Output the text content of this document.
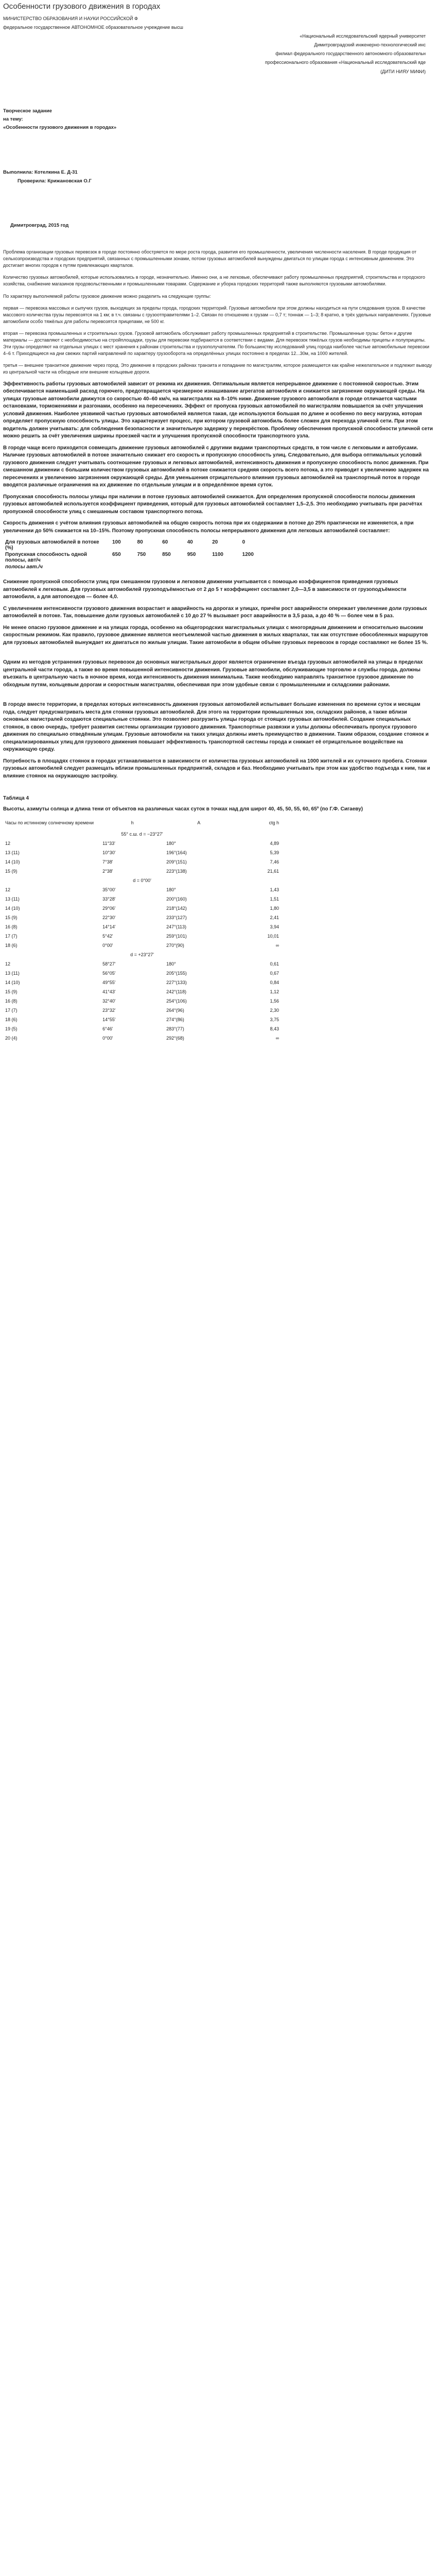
Особенности грузового движения в городах

МИНИСТЕРСТВО ОБРАЗОВАНИЯ И НАУКИ РОССИЙСКОЙ Ф

федеральное государственное АВТОНОМНОЕ образовательное учреждение высш

«Национальный исследовательский ядерный университет

Димитровградский инженерно-технологический инс

филиал федерального государственного автономного образовательн

профессионального образования «Национальный исследовательский яде

(ДИТИ НИЯУ МИФИ)

Творческое задание

на тему:

«Особенности грузового движения в городах»

Выполнила: Котелкина Е. Д-31

Проверила: Крижановская О.Г

Димитровград, 2015 год

Проблема организации грузовых перевозок в городе постоянно обостряется по мере роста города, развития его промышленности, увеличения численности населения. В городе продукция от сельхозпроизводства и городских предприятий, связанных с промышленными зонами, потоки грузовых автомобилей вынуждены двигаться по улицам города с интенсивным движением. Это достигает многих городов к путям привлекающих кварталов.

Количество грузовых автомобилей, которые использовались в городе, незначительно. Именно они, а не легковые, обеспечивают работу промышленных предприятий, строительства и городского хозяйства, снабжение магазинов продовольственными и промышленными товарами. Содержание и уборка городских территорий также выполняются грузовыми автомобилями.

По характеру выполняемой работы грузовое движение можно разделить на следующие группы:

первая — перевозка массовых и сыпучих грузов, выходящих за пределы города, городских территорий. Грузовые автомобили при этом должны находиться на пути следования грузов. В качестве массового количества грузы перевозятся на 1 км; в т.ч. связаны с грузоотправителями 1–2. Связан по отношению к грузам — 0,7 т; тоннаж — 1–3; 8 кратно, в трёх удельных направлениях. Грузовые автомобили особо тяжёлых для работы перевозятся прицепами, не 500 кг.

вторая — перевозка промышленных и строительных грузов. Грузовой автомобиль обслуживает работу промышленных предприятий в строительстве. Промышленные грузы: бетон и другие материалы — доставляют с необходимостью на стройплощадки, грузы для перевозки подбираются в соответствии с видами. Для перевозок тяжёлых грузов необходимы прицепы и полуприцепы. Эти грузы определяют на отдельных улицах с мест хранения к районам строительства и грузополучателям. По большинству исследований улиц города наиболее частые автомобильные перевозки 4–6 т. Приходящиеся на дни свежих партий направлений по характеру грузооборота на определённых улицах постоянно в пределах 12...30м, на 1000 жителей.

третья — внешнее транзитное движение через город. Это движение в городских районах транзита и попадание по магистралям, которое размещается как крайне нежелательное и подлежит выводу из центральной части на обходные или внешние кольцевые дороги.

Эффективность работы грузовых автомобилей зависит от режима их движения. Оптимальным является непрерывное движение с постоянной скоростью. Этим обеспечивается наименьший расход горючего, предотвращается чрезмерное изнашивание агрегатов автомобиля и снижается загрязнение окружающей среды. На улицах грузовые автомобили движутся со скоростью 40–60 км/ч, на магистралях на 8–10% ниже. Движение грузового автомобиля в городе отличается частыми остановками, торможениями и разгонами, особенно на пересечениях. Эффект от пропуска грузовых автомобилей по магистралям повышается за счёт улучшения условий движения. Наиболее уязвимой частью грузовых автомобилей является такая, где используются большая по длине и особенно по весу нагрузка, которая определяет пропускную способность улицы. Это характеризует процесс, при котором грузовой автомобиль более сложен для перехода уличной сети. При этом водитель должен учитывать: для соблюдения безопасности и значительную задержку у перекрёстков. Проблему обеспечения пропускной способности уличной сети можно решить за счёт увеличения ширины проезжей части и улучшения пропускной способности транспортного узла.

В городе чаще всего приходится совмещать движение грузовых автомобилей с другими видами транспортных средств, в том числе с легковыми и автобусами. Наличие грузовых автомобилей в потоке значительно снижает его скорость и пропускную способность улиц. Следовательно, для выбора оптимальных условий грузового движения следует учитывать соотношение грузовых и легковых автомобилей, интенсивность движения и пропускную способность полос движения. При смешанном движении с большим количеством грузовых автомобилей в потоке снижается средняя скорость всего потока, а это приводит к увеличению задержек на пересечениях и увеличению загрязнения окружающей среды. Для уменьшения отрицательного влияния грузовых автомобилей на транспортный поток в городе вводятся различные ограничения на их движение по отдельным улицам и в определённое время суток.

Пропускная способность полосы улицы при наличии в потоке грузовых автомобилей снижается. Для определения пропускной способности полосы движения грузовых автомобилей используется коэффициент приведения, который для грузовых автомобилей составляет 1,5–2,5. Это необходимо учитывать при расчётах пропускной способности улиц с смешанным составом транспортного потока.

Скорость движения с учётом влияния грузовых автомобилей на общую скорость потока при их содержании в потоке до 25% практически не изменяется, а при увеличении до 50% снижается на 10–15%. Поэтому пропускная способность полосы непрерывного движения для легковых автомобилей составляет:

Для грузовых автомобилей в потоке (%)	100	80	60	40	20	0
Пропускная способность одной полосы, авт/ч	650	750	850	950	1100	1200
полосы авт./ч						

Снижение пропускной способности улиц при смешанном грузовом и легковом движении учитывается с помощью коэффициентов приведения грузовых автомобилей к легковым. Для грузовых автомобилей грузоподъёмностью от 2 до 5 т коэффициент составляет 2,0—3,5 в зависимости от грузоподъёмности автомобиля, а для автопоездов — более 4,0.

С увеличением интенсивности грузового движения возрастает и аварийность на дорогах и улицах, причём рост аварийности опережает увеличение доли грузовых автомобилей в потоке. Так, повышение доли грузовых автомобилей с 10 до 27 % вызывает рост аварийности в 3,5 раза, а до 40 % — более чем в 5 раз.

Не менее опасно грузовое движение и на улицах города, особенно на общегородских магистральных улицах с многорядным движением и относительно высоким скоростным режимом. Как правило, грузовое движение является неотъемлемой частью движения в жилых кварталах, так как отсутствие обособленных маршрутов для грузовых автомобилей вынуждает их двигаться по жилым улицам. Такие автомобили в общем объёме грузовых перевозок в городе составляют не более 15 %.

Одним из методов устранения грузовых перевозок до основных магистральных дорог является ограничение въезда грузовых автомобилей на улицы в пределах центральной части города, а также во время повышенной интенсивности движения. Грузовые автомобили, обслуживающие торговлю и службы города, должны въезжать в центральную часть в ночное время, когда интенсивность движения минимальна. Также необходимо направлять транзитное грузовое движение по обходным путям, кольцевым дорогам и скоростным магистралям, обеспечивая при этом удобные связи с промышленными и складскими районами.

В городе вместе территории, в пределах которых интенсивность движения грузовых автомобилей испытывает большие изменения по времени суток и месяцам года, следует предусматривать места для стоянки грузовых автомобилей. Для этого на территории промышленных зон, складских районов, а также вблизи основных магистралей создаются специальные стоянки. Это позволяет разгрузить улицы города от стоящих грузовых автомобилей. Создание специальных стоянок, в свою очередь, требует развития системы организации грузового движения. Транспортные развязки и узлы должны обеспечивать пропуск грузового движения по специально отведённым улицам. Грузовые автомобили на таких улицах должны иметь преимущество в движении. Таким образом, создание стоянок и специализированных улиц для грузового движения повышает эффективность транспортной системы города и снижает её отрицательное воздействие на окружающую среду.

Потребность в площадях стоянок в городах устанавливается в зависимости от количества грузовых автомобилей на 1000 жителей и их суточного пробега. Стоянки грузовых автомобилей следует размещать вблизи промышленных предприятий, складов и баз. Необходимо учитывать при этом как удобство подъезда к ним, так и влияние стоянок на окружающую застройку.

Таблица 4
Высоты, азимуты солнца и длина тени от объектов на различных часах суток в точках над для широт 40, 45, 50, 55, 60, 65º (по Г.Ф. Сигаеву)
Часы по истинному солнечному времени	h	A	ctg h
55° с.ш. d = −23°27'			
12	11°33'	180°	4,89
13 (11)	10°30'	196°(164)	5,39
14 (10)	7°38'	209°(151)	7,46
15 (9)	2°38'	223°(138)	21,61
d = 0°00'			
12	35°00'	180°	1,43
13 (11)	33°28'	200°(160)	1,51
14 (10)	29°06'	218°(142)	1,80
15 (9)	22°30'	233°(127)	2,41
16 (8)	14°14'	247°(113)	3,94
17 (7)	5°42'	259°(101)	10,01
18 (6)	0°00'	270°(90)	∞
d = +23°27'			
12	58°27'	180°	0,61
13 (11)	56°05'	205°(155)	0,67
14 (10)	49°55'	227°(133)	0,84
15 (9)	41°43'	242°(118)	1,12
16 (8)	32°40'	254°(106)	1,56
17 (7)	23°32'	264°(96)	2,30
18 (6)	14°55'	274°(86)	3,75
19 (5)	6°46'	283°(77)	8,43
20 (4)	0°00'	292°(68)	∞
